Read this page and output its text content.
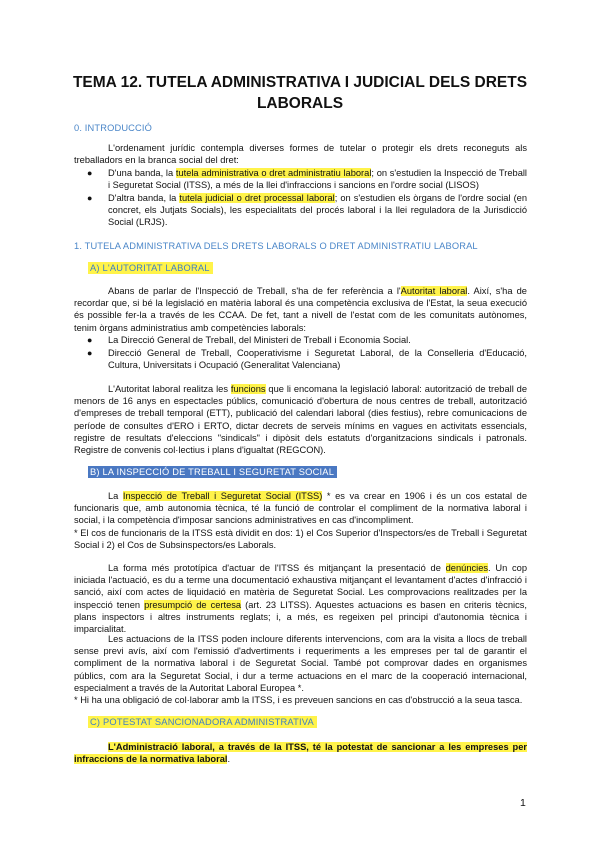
TEMA 12. TUTELA ADMINISTRATIVA I JUDICIAL DELS DRETS
LABORALS
0. INTRODUCCIÓ
L'ordenament jurídic contempla diverses formes de tutelar o protegir els drets reconeguts als treballadors en la branca social del dret:
●	D'una banda, la tutela administrativa o dret administratiu laboral; on s'estudien la Inspecció de Treball i Seguretat Social (ITSS), a més de la llei d'infraccions i sancions en l'ordre social (LISOS)
●	D'altra banda, la tutela judicial o dret processal laboral; on s'estudien els òrgans de l'ordre social (en concret, els Jutjats Socials), les especialitats del procés laboral i la llei reguladora de la Jurisdicció Social (LRJS).
1. TUTELA ADMINISTRATIVA DELS DRETS LABORALS O DRET ADMINISTRATIU LABORAL
A) L'AUTORITAT LABORAL
Abans de parlar de l'Inspecció de Treball, s'ha de fer referència a l'Autoritat laboral. Així, s'ha de recordar que, si bé la legislació en matèria laboral és una competència exclusiva de l'Estat, la seua execució és possible fer-la a través de les CCAA. De fet, tant a nivell de l'estat com de les comunitats autònomes, tenim òrgans administratius amb competències laborals:
●	La Direcció General de Treball, del Ministeri de Treball i Economia Social.
●	Direcció General de Treball, Cooperativisme i Seguretat Laboral, de la Conselleria d'Educació, Cultura, Universitats i Ocupació (Generalitat Valenciana)
L'Autoritat laboral realitza les funcions que li encomana la legislació laboral: autorització de treball de menors de 16 anys en espectacles públics, comunicació d'obertura de nous centres de treball, autorització d'empreses de treball temporal (ETT), publicació del calendari laboral (dies festius), rebre comunicacions de període de consultes d'ERO i ERTO, dictar decrets de serveis mínims en vagues en activitats essencials, registre de resultats d'eleccions "sindicals" i dipòsit dels estatuts d'organitzacions sindicals i patronals. Registre de convenis col·lectius i plans d'igualtat (REGCON).
B) LA INSPECCIÓ DE TREBALL I SEGURETAT SOCIAL
La Inspecció de Treball i Seguretat Social (ITSS) * es va crear en 1906 i és un cos estatal de funcionaris que, amb autonomia tècnica, té la funció de controlar el compliment de la normativa laboral i social, i la competència d'imposar sancions administratives en cas d'incompliment.
* El cos de funcionaris de la ITSS està dividit en dos: 1) el Cos Superior d'Inspectors/es de Treball i Seguretat Social i 2) el Cos de Subsinspectors/es Laborals.
La forma més prototípica d'actuar de l'ITSS és mitjançant la presentació de denúncies. Un cop iniciada l'actuació, es du a terme una documentació exhaustiva mitjançant el levantament d'actes d'infracció i sanció, així com actes de liquidació en matèria de Seguretat Social. Les comprovacions realitzades per la inspecció tenen presumpció de certesa (art. 23 LITSS). Aquestes actuacions es basen en criteris tècnics, plans inspectors i altres instruments reglats; i, a més, es regeixen pel principi d'autonomia tècnica i imparcialitat.
Les actuacions de la ITSS poden incloure diferents intervencions, com ara la visita a llocs de treball sense previ avís, així com l'emissió d'advertiments i requeriments a les empreses per tal de garantir el compliment de la normativa laboral i de Seguretat Social. També pot comprovar dades en organismes públics, com ara la Seguretat Social, i dur a terme actuacions en el marc de la cooperació internacional, especialment a través de la Autoritat Laboral Europea *.
* Hi ha una obligació de col·laborar amb la ITSS, i es preveuen sancions en cas d'obstrucció a la seua tasca.
C) POTESTAT SANCIONADORA ADMINISTRATIVA
L'Administració laboral, a través de la ITSS, té la potestat de sancionar a les empreses per infraccions de la normativa laboral.
1
